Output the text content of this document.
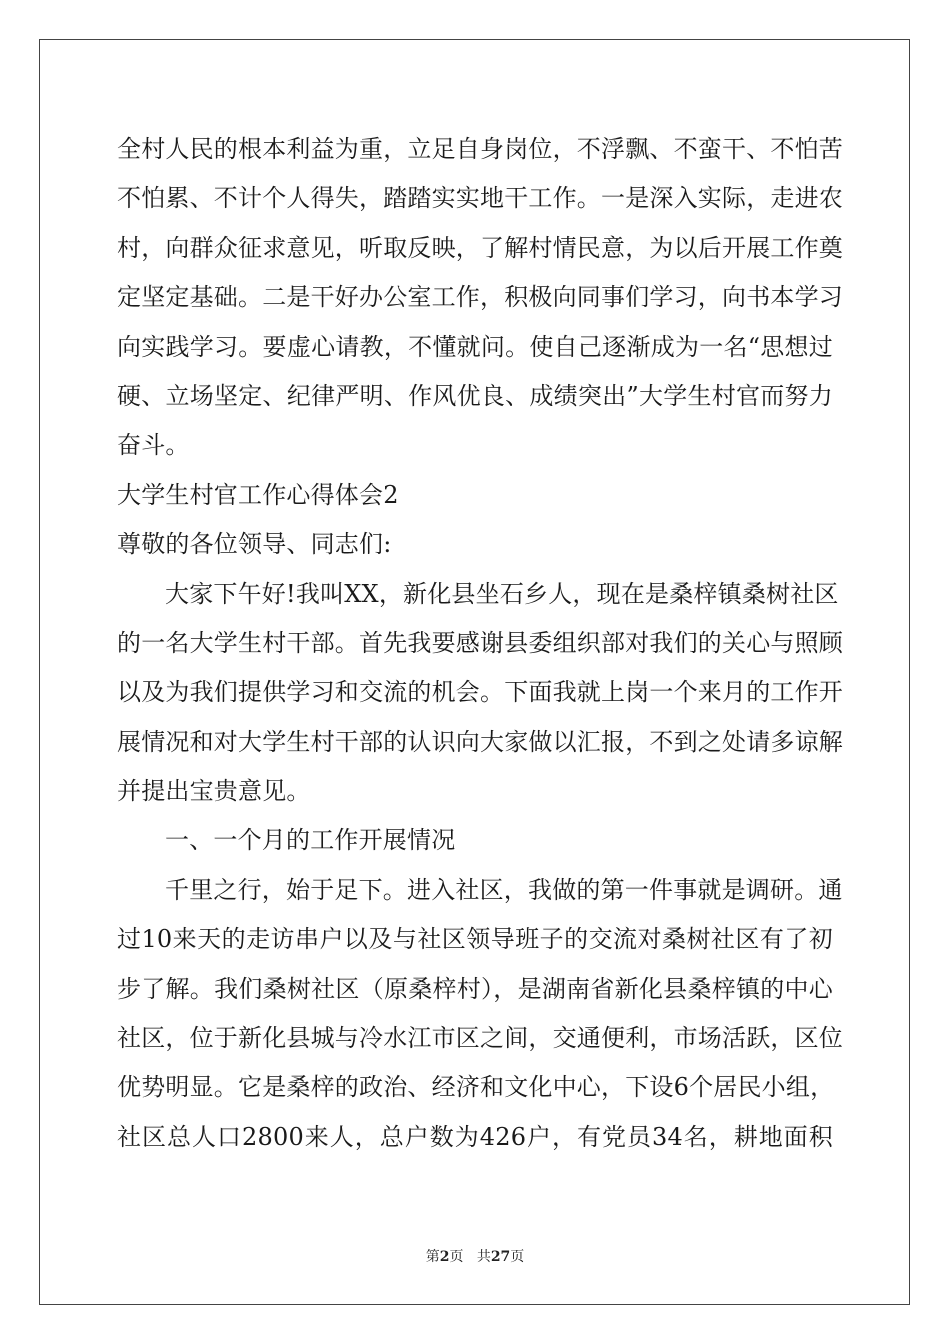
全村人民的根本利益为重，立足自身岗位，不浮飘、不蛮干、不怕苦
不怕累、不计个人得失，踏踏实实地干工作。一是深入实际，走进农
村，向群众征求意见，听取反映，了解村情民意，为以后开展工作奠
定坚定基础。二是干好办公室工作，积极向同事们学习，向书本学习
向实践学习。要虚心请教，不懂就问。使自己逐渐成为一名“思想过
硬、立场坚定、纪律严明、作风优良、成绩突出”大学生村官而努力
奋斗。
大学生村官工作心得体会2
尊敬的各位领导、同志们:
大家下午好!我叫XX，新化县坐石乡人，现在是桑梓镇桑树社区
的一名大学生村干部。首先我要感谢县委组织部对我们的关心与照顾
以及为我们提供学习和交流的机会。下面我就上岗一个来月的工作开
展情况和对大学生村干部的认识向大家做以汇报，不到之处请多谅解
并提出宝贵意见。
一、一个月的工作开展情况
千里之行，始于足下。进入社区，我做的第一件事就是调研。通
过10来天的走访串户以及与社区领导班子的交流对桑树社区有了初
步了解。我们桑树社区（原桑梓村），是湖南省新化县桑梓镇的中心
社区，位于新化县城与冷水江市区之间，交通便利，市场活跃，区位
优势明显。它是桑梓的政治、经济和文化中心，下设6个居民小组，
社区总人口2800来人，总户数为426户，有党员34名，耕地面积
第2页 共27页
